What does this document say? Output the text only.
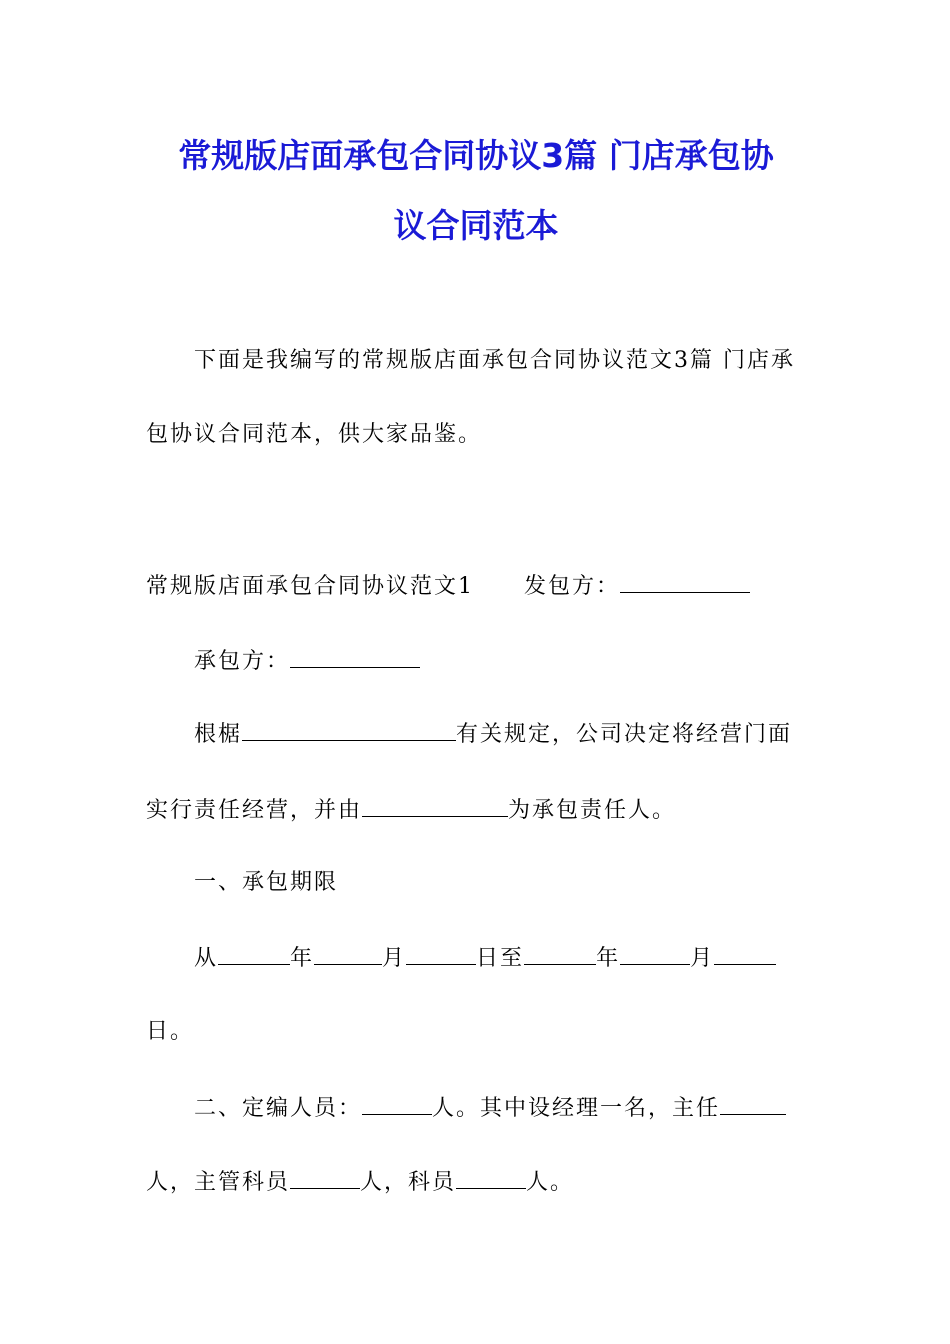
常规版店面承包合同协议3篇 门店承包协
议合同范本
下面是我编写的常规版店面承包合同协议范文3篇 门店承
包协议合同范本，供大家品鉴。
常规版店面承包合同协议范文1 发包方：
承包方：
根椐	有关规定，公司决定将经营门面
实行责任经营，并由	为承包责任人。
一、承包期限
从	年	月	日至	年	月
日。
二、定编人员：	人。其中设经理一名，主任
人，主管科员	人，科员	人。
